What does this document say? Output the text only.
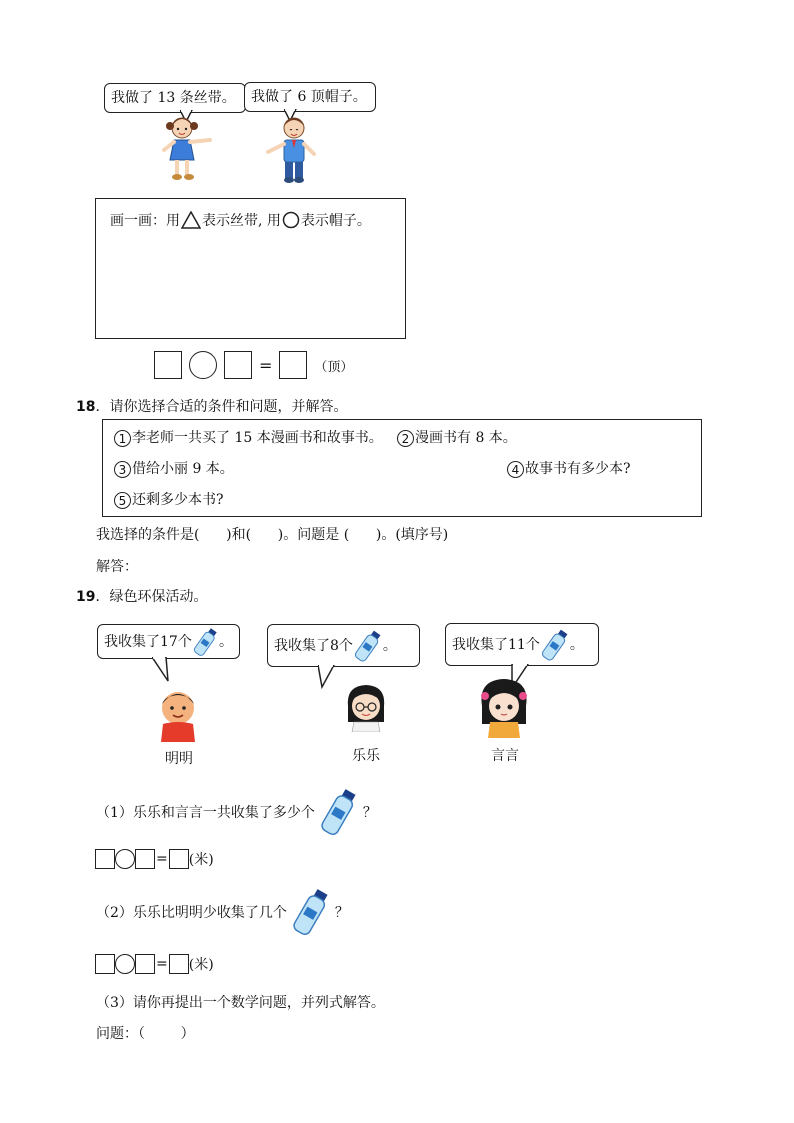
我做了 13 条丝带。	我做了 6 顶帽子。
画一画：用 表示丝带, 用 表示帽子。
=	（顶）
18．请你选择合适的条件和问题，并解答。
1 李老师一共买了 15 本漫画书和故事书。	2 漫画书有 8 本。
3 借给小丽 9 本。	4 故事书有多少本?
5 还剩多少本书?
我选择的条件是(      )和(      )。问题是 (      )。(填序号)
解答：
19．绿色环保活动。
我收集了17个 。	我收集了8个 。	我收集了11个 。
明明	乐乐	言言
（1）乐乐和言言一共收集了多少个	？
= (米)
（2）乐乐比明明少收集了几个	？
= (米)
（3）请你再提出一个数学问题，并列式解答。
问题：（        ）
